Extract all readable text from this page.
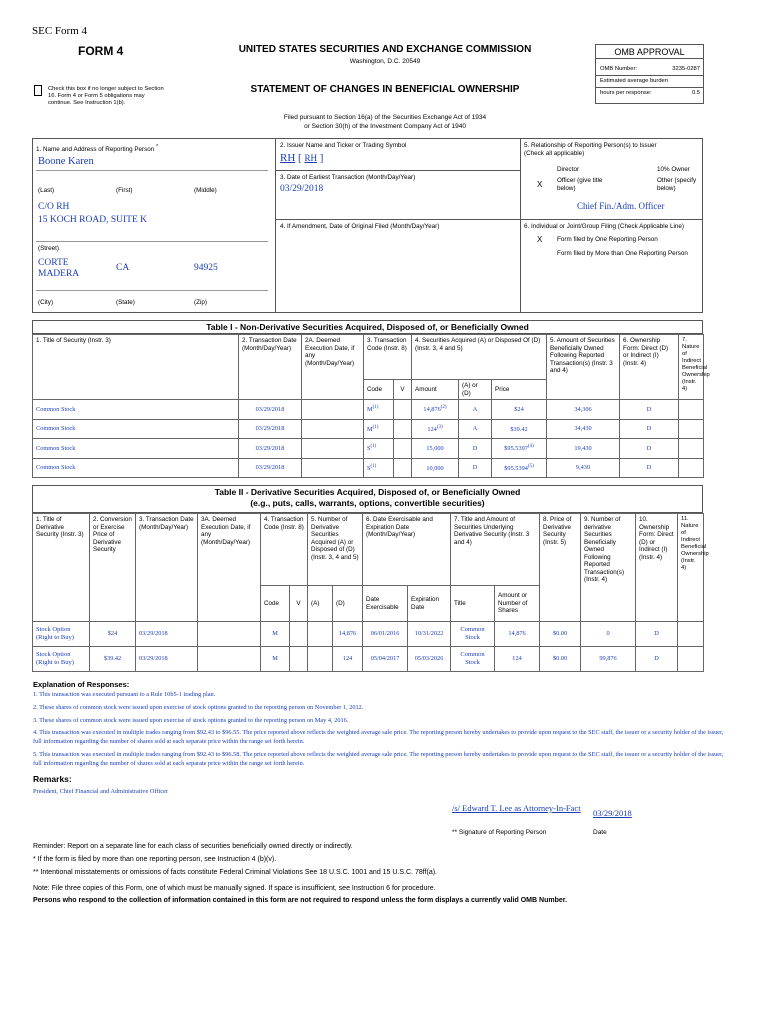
SEC Form 4
FORM 4	UNITED STATES SECURITIES AND EXCHANGE COMMISSION
Washington, D.C. 20549
Check this box if no longer subject to Section 16. Form 4 or Form 5 obligations may continue. See Instruction 1(b).
STATEMENT OF CHANGES IN BENEFICIAL OWNERSHIP
Filed pursuant to Section 16(a) of the Securities Exchange Act of 1934
or Section 30(h) of the Investment Company Act of 1940
OMB APPROVAL
OMB Number:	3235-0287
Estimated average burden
hours per response:	0.5
1. Name and Address of Reporting Person *
Boone Karen
(Last)	(First)	(Middle)
C/O RH
15 KOCH ROAD, SUITE K
(Street)
CORTE
MADERA
CA	94925
(City)	(State)	(Zip)
2. Issuer Name and Ticker or Trading Symbol
RH [ RH ]
3. Date of Earliest Transaction (Month/Day/Year)
03/29/2018
4. If Amendment, Date of Original Filed (Month/Day/Year)
5. Relationship of Reporting Person(s) to Issuer
(Check all applicable)
Director	10% Owner
X Officer (give title
below)
Other (specify
below)
Chief Fin./Adm. Officer
6. Individual or Joint/Group Filing (Check Applicable Line)
X Form filed by One Reporting Person
Form filed by More than One Reporting Person
Table I - Non-Derivative Securities Acquired, Disposed of, or Beneficially Owned
1. Title of Security (Instr. 3)	2. Transaction Date (Month/Day/Year)	2A. Deemed Execution Date, if any (Month/Day/Year)	3. Transaction Code (Instr. 8)		4. Securities Acquired (A) or Disposed Of (D) (Instr. 3, 4 and 5)			5. Amount of Securities Beneficially Owned Following Reported Transaction(s) (Instr. 3 and 4)	6. Ownership Form: Direct (D) or Indirect (I) (Instr. 4)	7. Nature of Indirect Beneficial Ownership (Instr. 4)
			Code	V	Amount	(A) or (D)	Price			
Common Stock	03/29/2018		$M^{(1)}$		14,876$^{(2)}$	A	$24	34,306	D	
Common Stock	03/29/2018		$M^{(1)}$		124$^{(3)}$	A	$39.42	34,430	D	
Common Stock	03/29/2018		$S^{(1)}$		15,000	D	$95.5397$^{(4)}$	19,430	D	
Common Stock	03/29/2018		$S^{(1)}$		10,000	D	$95.5394$^{(5)}$	9,430	D	
Table II - Derivative Securities Acquired, Disposed of, or Beneficially Owned
(e.g., puts, calls, warrants, options, convertible securities)
1. Title of Derivative Security (Instr. 3)	2. Conversion or Exercise Price of Derivative Security	3. Transaction Date (Month/Day/Year)	3A. Deemed Execution Date, if any (Month/Day/Year)	4. Transaction Code (Instr. 8)		5. Number of Derivative Securities Acquired (A) or Disposed of (D) (Instr. 3, 4 and 5)		6. Date Exercisable and Expiration Date (Month/Day/Year)		7. Title and Amount of Securities Underlying Derivative Security (Instr. 3 and 4)		8. Price of Derivative Security (Instr. 5)	9. Number of derivative Securities Beneficially Owned Following Reported Transaction(s) (Instr. 4)	10. Ownership Form: Direct (D) or Indirect (I) (Instr. 4)	11. Nature of Indirect Beneficial Ownership (Instr. 4)
				Code	V	(A)	(D)	Date Exercisable	Expiration Date	Title	Amount or Number of Shares				
Stock Option (Right to Buy)	$24	03/29/2018		M			14,876	06/01/2016	10/31/2022	Common Stock	14,876	$0.00	0	D	
Stock Option (Right to Buy)	$39.42	03/29/2018		M			124	05/04/2017	05/03/2026	Common Stock	124	$0.00	99,876	D	
Explanation of Responses:
1. This transaction was executed pursuant to a Rule 10b5-1 trading plan.
2. These shares of common stock were issued upon exercise of stock options granted to the reporting person on November 1, 2012.
3. These shares of common stock were issued upon exercise of stock options granted to the reporting person on May 4, 2016.
4. This transaction was executed in multiple trades ranging from $92.43 to $96.55. The price reported above reflects the weighted average sale price. The reporting person hereby undertakes to provide upon request to the SEC staff, the issuer or a security holder of the issuer, full information regarding the number of shares sold at each separate price within the range set forth herein.
5. This transaction was executed in multiple trades ranging from $92.43 to $96.58. The price reported above reflects the weighted average sale price. The reporting person hereby undertakes to provide upon request to the SEC staff, the issuer or a security holder of the issuer, full information regarding the number of shares sold at each separate price within the range set forth herein.
Remarks:
President, Chief Financial and Administrative Officer
/s/ Edward T. Lee as Attorney-In-Fact	03/29/2018
** Signature of Reporting Person	Date
Reminder: Report on a separate line for each class of securities beneficially owned directly or indirectly.
* If the form is filed by more than one reporting person, see Instruction 4 (b)(v).
** Intentional misstatements or omissions of facts constitute Federal Criminal Violations See 18 U.S.C. 1001 and 15 U.S.C. 78ff(a).
Note: File three copies of this Form, one of which must be manually signed. If space is insufficient, see Instruction 6 for procedure.
Persons who respond to the collection of information contained in this form are not required to respond unless the form displays a currently valid OMB Number.
